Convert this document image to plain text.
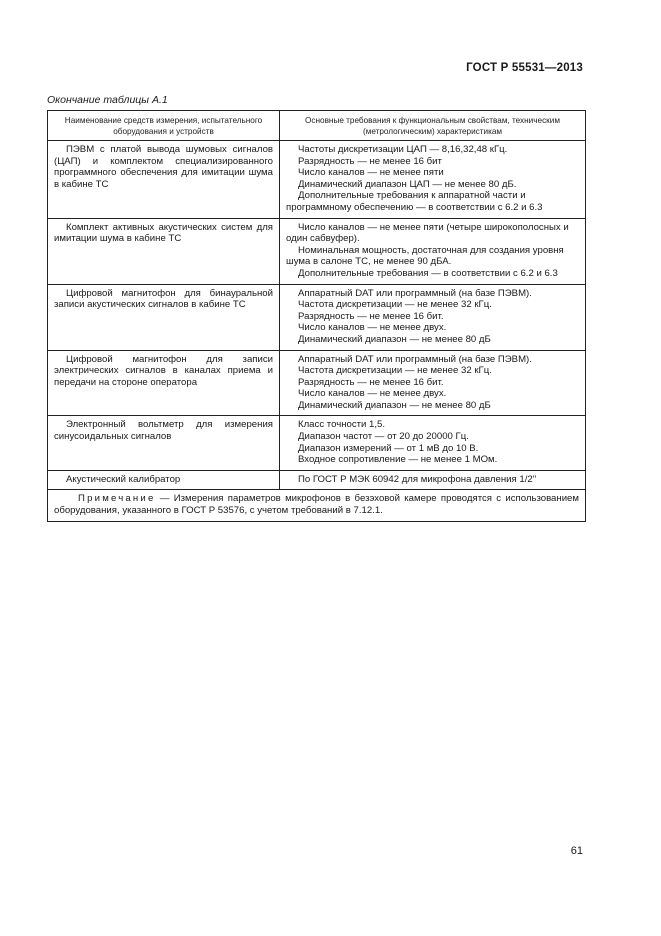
ГОСТ Р 55531—2013
Окончание таблицы А.1
Наименование средств измерения, испытательного оборудования и устройств	Основные требования к функциональным свойствам, техническим (метрологическим) характеристикам
ПЭВМ с платой вывода шумовых сигналов (ЦАП) и комплектом специализированного программного обеспечения для имитации шума в кабине ТС	Частоты дискретизации ЦАП — 8,16,32,48 кГц.
Разрядность — не менее 16 бит
Число каналов — не менее пяти
Динамический диапазон ЦАП — не менее 80 дБ.
Дополнительные требования к аппаратной части и программному обеспечению — в соответствии с 6.2 и 6.3

Комплект активных акустических систем для имитации шума в кабине ТС	Число каналов — не менее пяти (четыре широкополосных и один сабвуфер).
Номинальная мощность, достаточная для создания уровня шума в салоне ТС, не менее 90 дБА.
Дополнительные требования — в соответствии с 6.2 и 6.3

Цифровой магнитофон для бинауральной записи акустических сигналов в кабине ТС	Аппаратный DAT или программный (на базе ПЭВМ).
Частота дискретизации — не менее 32 кГц.
Разрядность — не менее 16 бит.
Число каналов — не менее двух.
Динамический диапазон — не менее 80 дБ

Цифровой магнитофон для записи электрических сигналов в каналах приема и передачи на стороне оператора	Аппаратный DAT или программный (на базе ПЭВМ).
Частота дискретизации — не менее 32 кГц.
Разрядность — не менее 16 бит.
Число каналов — не менее двух.
Динамический диапазон — не менее 80 дБ

Электронный вольтметр для измерения синусоидальных сигналов	Класс точности 1,5.
Диапазон частот — от 20 до 20000 Гц.
Диапазон измерений — от 1 мВ до 10 В.
Входное сопротивление — не менее 1 МОм.

Акустический калибратор	По ГОСТ Р МЭК 60942 для микрофона давления 1/2"

Примечание — Измерения параметров микрофонов в безэховой камере проводятся с использованием оборудования, указанного в ГОСТ Р 53576, с учетом требований в 7.12.1.	
61
